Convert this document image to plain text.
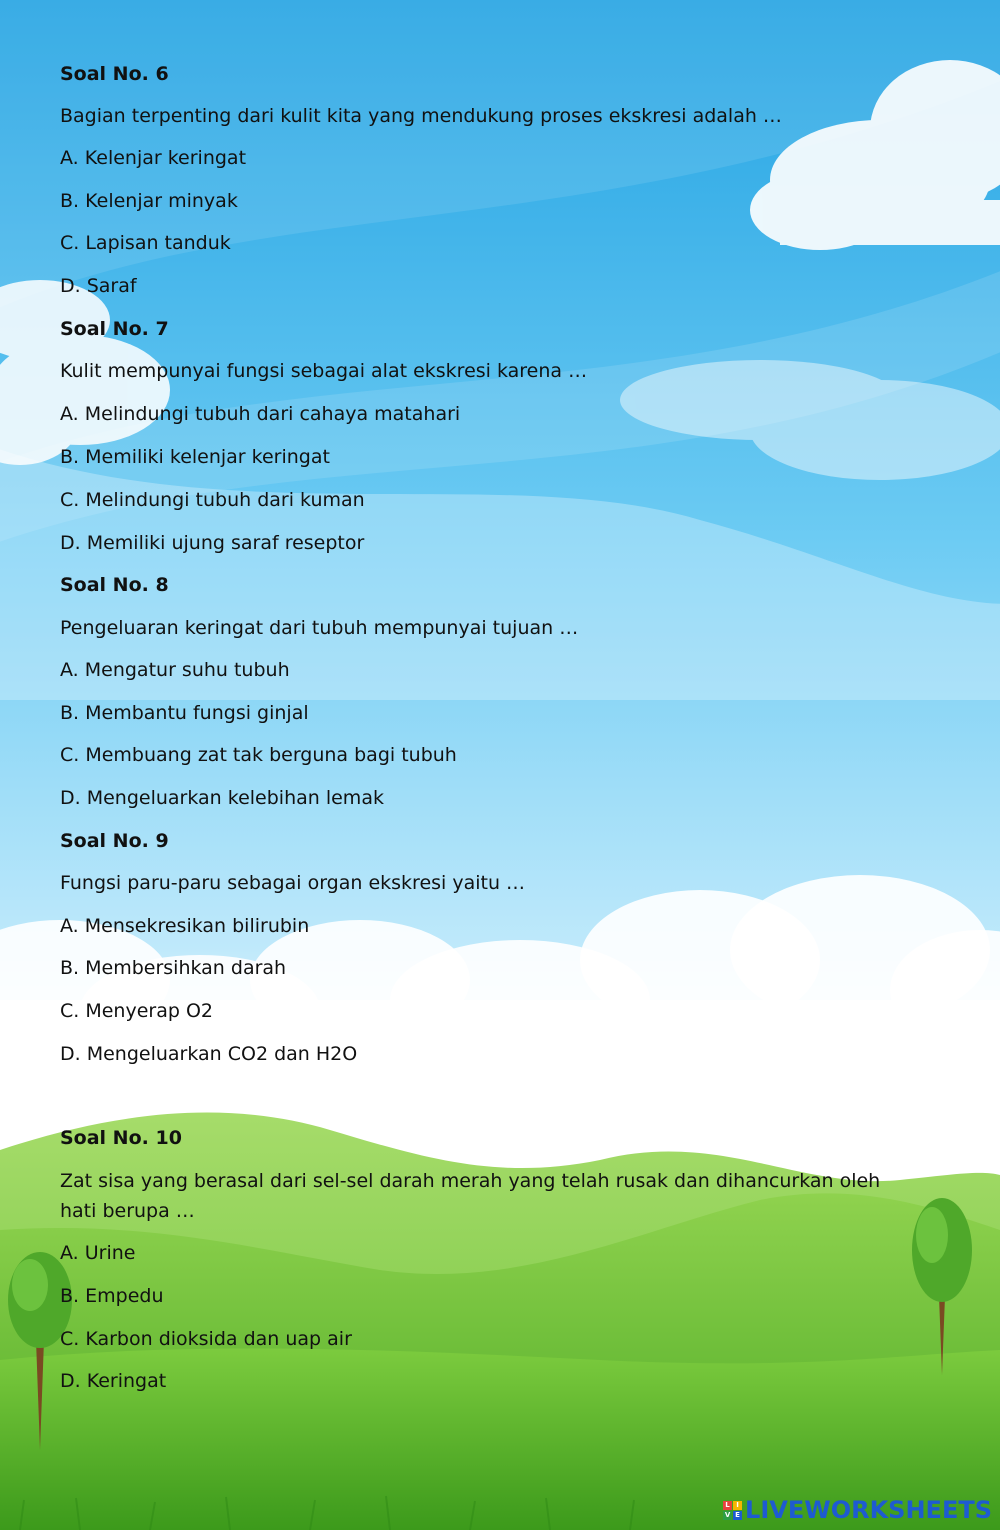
Soal No. 6
Bagian terpenting dari kulit kita yang mendukung proses ekskresi adalah …
A. Kelenjar keringat
B. Kelenjar minyak
C. Lapisan tanduk
D. Saraf
Soal No. 7
Kulit mempunyai fungsi sebagai alat ekskresi karena …
A. Melindungi tubuh dari cahaya matahari
B. Memiliki kelenjar keringat
C. Melindungi tubuh dari kuman
D. Memiliki ujung saraf reseptor
Soal No. 8
Pengeluaran keringat dari tubuh mempunyai tujuan …
A. Mengatur suhu tubuh
B. Membantu fungsi ginjal
C. Membuang zat tak berguna bagi tubuh
D. Mengeluarkan kelebihan lemak
Soal No. 9
Fungsi paru-paru sebagai organ ekskresi yaitu …
A. Mensekresikan bilirubin
B. Membersihkan darah
C. Menyerap O2
D. Mengeluarkan CO2 dan H2O
Soal No. 10
Zat sisa yang berasal dari sel-sel darah merah yang telah rusak dan dihancurkan oleh hati berupa …
A. Urine
B. Empedu
C. Karbon dioksida dan uap air
D. Keringat
L I
V E LIVEWORKSHEETS
